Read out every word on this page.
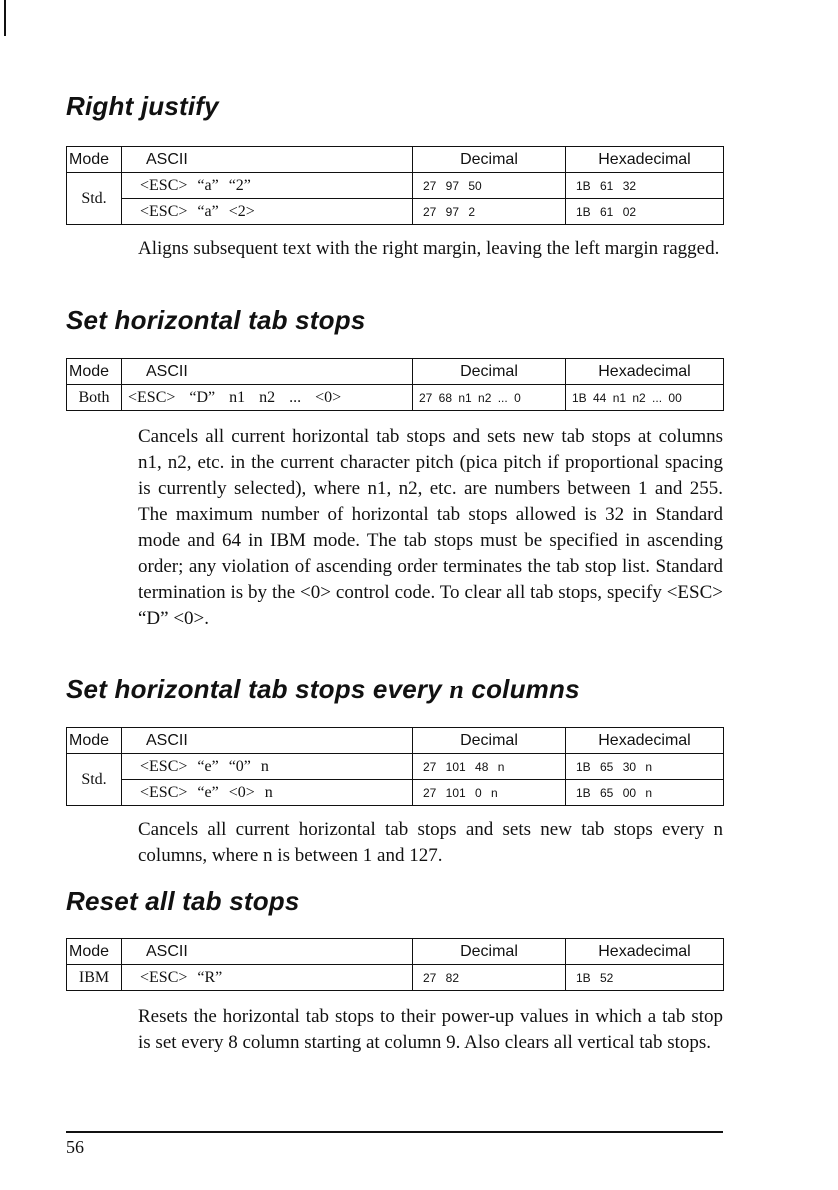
Right justify
Mode	ASCII	Decimal	Hexadecimal
Std.	<ESC> “a” “2”	27 97 50	1B 61 32
	<ESC> “a” <2>	27 97 2	1B 61 02

Aligns subsequent text with the right margin, leaving the left margin ragged.

Set horizontal tab stops
Mode	ASCII	Decimal	Hexadecimal
Both	<ESC> “D” n1 n2 ... <0>	27 68 n1 n2 ... 0	1B 44 n1 n2 ... 00

Cancels all current horizontal tab stops and sets new tab stops at columns n1, n2, etc. in the current character pitch (pica pitch if proportional spacing is currently selected), where n1, n2, etc. are numbers between 1 and 255. The maximum number of horizontal tab stops allowed is 32 in Standard mode and 64 in IBM mode. The tab stops must be specified in ascending order; any violation of ascending order terminates the tab stop list. Standard termination is by the <0> control code. To clear all tab stops, specify <ESC> “D” <0>.

Set horizontal tab stops every n columns
Mode	ASCII	Decimal	Hexadecimal
Std.	<ESC> “e” “0” n	27 101 48 n	1B 65 30 n
	<ESC> “e” <0> n	27 101 0 n	1B 65 00 n

Cancels all current horizontal tab stops and sets new tab stops every n columns, where n is between 1 and 127.

Reset all tab stops
Mode	ASCII	Decimal	Hexadecimal
IBM	<ESC> “R”	27 82	1B 52

Resets the horizontal tab stops to their power-up values in which a tab stop is set every 8 column starting at column 9. Also clears all vertical tab stops.

56
